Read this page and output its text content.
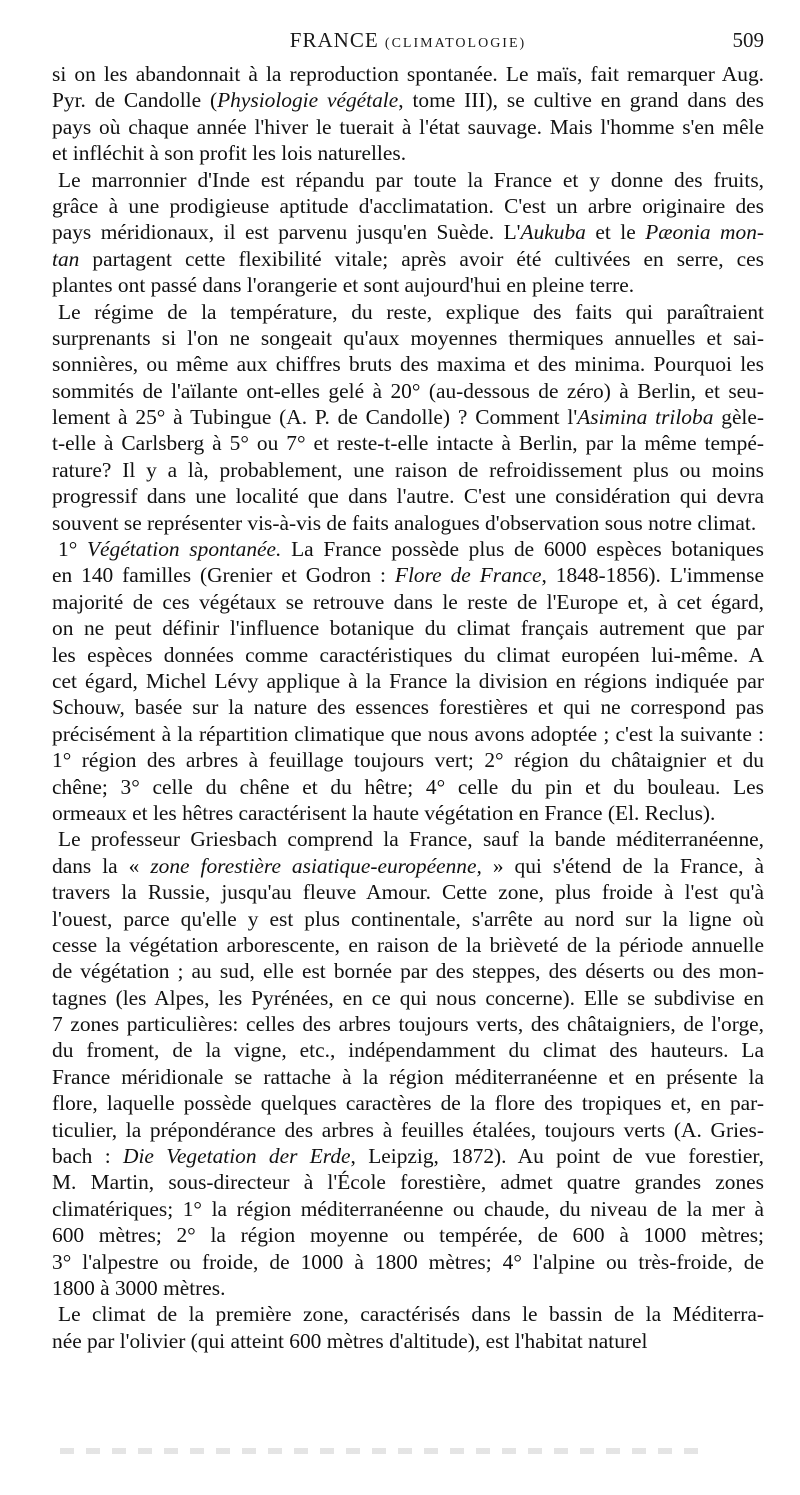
FRANCE (CLIMATOLOGIE)	509
si on les abandonnait à la reproduction spontanée. Le maïs, fait remarquer Aug.
Pyr. de Candolle (Physiologie végétale, tome III), se cultive en grand dans des
pays où chaque année l'hiver le tuerait à l'état sauvage. Mais l'homme s'en mêle
et infléchit à son profit les lois naturelles.
Le marronnier d'Inde est répandu par toute la France et y donne des fruits,
grâce à une prodigieuse aptitude d'acclimatation. C'est un arbre originaire des
pays méridionaux, il est parvenu jusqu'en Suède. L'Aukuba et le Pæonia mon-
tan partagent cette flexibilité vitale; après avoir été cultivées en serre, ces
plantes ont passé dans l'orangerie et sont aujourd'hui en pleine terre.
Le régime de la température, du reste, explique des faits qui paraîtraient
surprenants si l'on ne songeait qu'aux moyennes thermiques annuelles et sai-
sonnières, ou même aux chiffres bruts des maxima et des minima. Pourquoi les
sommités de l'aïlante ont-elles gelé à 20° (au-dessous de zéro) à Berlin, et seu-
lement à 25° à Tubingue (A. P. de Candolle) ? Comment l'Asimina triloba gèle-
t-elle à Carlsberg à 5° ou 7° et reste-t-elle intacte à Berlin, par la même tempé-
rature? Il y a là, probablement, une raison de refroidissement plus ou moins
progressif dans une localité que dans l'autre. C'est une considération qui devra
souvent se représenter vis-à-vis de faits analogues d'observation sous notre climat.
1° Végétation spontanée. La France possède plus de 6000 espèces botaniques
en 140 familles (Grenier et Godron : Flore de France, 1848-1856). L'immense
majorité de ces végétaux se retrouve dans le reste de l'Europe et, à cet égard,
on ne peut définir l'influence botanique du climat français autrement que par
les espèces données comme caractéristiques du climat européen lui-même. A
cet égard, Michel Lévy applique à la France la division en régions indiquée par
Schouw, basée sur la nature des essences forestières et qui ne correspond pas
précisément à la répartition climatique que nous avons adoptée ; c'est la suivante :
1° région des arbres à feuillage toujours vert; 2° région du châtaignier et du
chêne; 3° celle du chêne et du hêtre; 4° celle du pin et du bouleau. Les
ormeaux et les hêtres caractérisent la haute végétation en France (El. Reclus).
Le professeur Griesbach comprend la France, sauf la bande méditerranéenne,
dans la « zone forestière asiatique-européenne, » qui s'étend de la France, à
travers la Russie, jusqu'au fleuve Amour. Cette zone, plus froide à l'est qu'à
l'ouest, parce qu'elle y est plus continentale, s'arrête au nord sur la ligne où
cesse la végétation arborescente, en raison de la brièveté de la période annuelle
de végétation ; au sud, elle est bornée par des steppes, des déserts ou des mon-
tagnes (les Alpes, les Pyrénées, en ce qui nous concerne). Elle se subdivise en
7 zones particulières: celles des arbres toujours verts, des châtaigniers, de l'orge,
du froment, de la vigne, etc., indépendamment du climat des hauteurs. La
France méridionale se rattache à la région méditerranéenne et en présente la
flore, laquelle possède quelques caractères de la flore des tropiques et, en par-
ticulier, la prépondérance des arbres à feuilles étalées, toujours verts (A. Gries-
bach : Die Vegetation der Erde, Leipzig, 1872). Au point de vue forestier,
M. Martin, sous-directeur à l'École forestière, admet quatre grandes zones
climatériques; 1° la région méditerranéenne ou chaude, du niveau de la mer à
600 mètres; 2° la région moyenne ou tempérée, de 600 à 1000 mètres;
3° l'alpestre ou froide, de 1000 à 1800 mètres; 4° l'alpine ou très-froide, de
1800 à 3000 mètres.
Le climat de la première zone, caractérisés dans le bassin de la Méditerra-
née par l'olivier (qui atteint 600 mètres d'altitude), est l'habitat naturel
